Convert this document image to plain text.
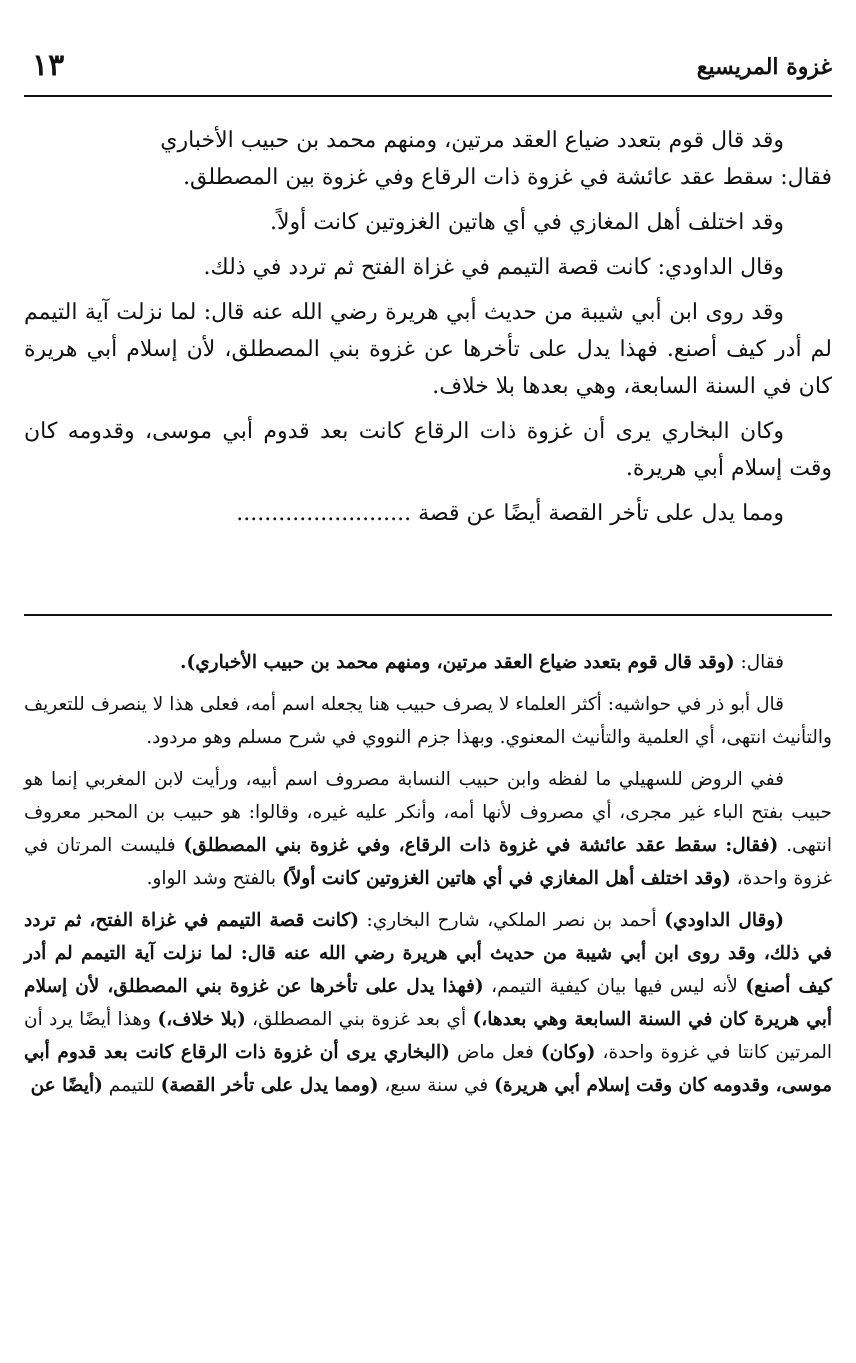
غزوة المريسيع
١٣

وقد قال قوم بتعدد ضياع العقد مرتين، ومنهم محمد بن حبيب الأخباري
فقال: سقط عقد عائشة في غزوة ذات الرقاع وفي غزوة بين المصطلق.

وقد اختلف أهل المغازي في أي هاتين الغزوتين كانت أولاً.

وقال الداودي: كانت قصة التيمم في غزاة الفتح ثم تردد في ذلك.

وقد روى ابن أبي شيبة من حديث أبي هريرة رضي الله عنه قال: لما نزلت آية التيمم لم أدر كيف أصنع. فهذا يدل على تأخرها عن غزوة بني المصطلق، لأن إسلام أبي هريرة كان في السنة السابعة، وهي بعدها بلا خلاف.

وكان البخاري يرى أن غزوة ذات الرقاع كانت بعد قدوم أبي موسى، وقدومه كان وقت إسلام أبي هريرة.

ومما يدل على تأخر القصة أيضًا عن قصة .........................

فقال: (وقد قال قوم بتعدد ضياع العقد مرتين، ومنهم محمد بن حبيب الأخباري).

قال أبو ذر في حواشيه: أكثر العلماء لا يصرف حبيب هنا يجعله اسم أمه، فعلى هذا لا ينصرف للتعريف والتأنيث انتهى، أي العلمية والتأنيث المعنوي. وبهذا جزم النووي في شرح مسلم وهو مردود.

ففي الروض للسهيلي ما لفظه وابن حبيب النسابة مصروف اسم أبيه، ورأيت لابن المغربي إنما هو حبيب بفتح الباء غير مجرى، أي مصروف لأنها أمه، وأنكر عليه غيره، وقالوا: هو حبيب بن المحبر معروف انتهى. (فقال: سقط عقد عائشة في غزوة ذات الرقاع، وفي غزوة بني المصطلق) فليست المرتان في غزوة واحدة، (وقد اختلف أهل المغازي في أي هاتين الغزوتين كانت أولاً) بالفتح وشد الواو.

(وقال الداودي) أحمد بن نصر الملكي، شارح البخاري: (كانت قصة التيمم في غزاة الفتح، ثم تردد في ذلك، وقد روى ابن أبي شيبة من حديث أبي هريرة رضي الله عنه قال: لما نزلت آية التيمم لم أدر كيف أصنع) لأنه ليس فيها بيان كيفية التيمم، (فهذا يدل على تأخرها عن غزوة بني المصطلق، لأن إسلام أبي هريرة كان في السنة السابعة وهي بعدها،) أي بعد غزوة بني المصطلق، (بلا خلاف،) وهذا أيضًا يرد أن المرتين كانتا في غزوة واحدة، (وكان) فعل ماض (البخاري يرى أن غزوة ذات الرقاع كانت بعد قدوم أبي موسى، وقدومه كان وقت إسلام أبي هريرة) في سنة سبع، (ومما يدل على تأخر القصة) للتيمم (أيضًا عن
